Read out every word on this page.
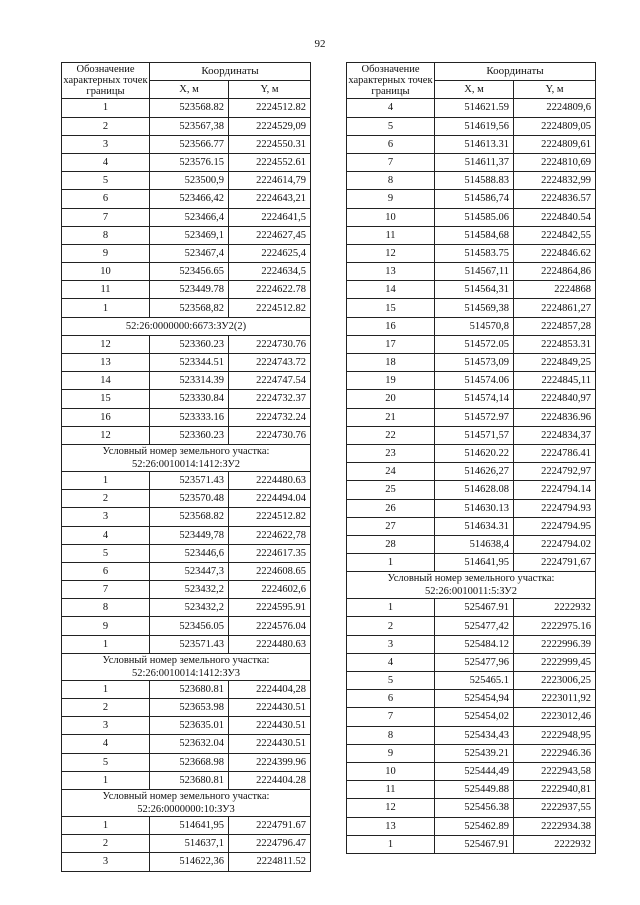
92
Обозначение характерных точек границы	Координаты	
	X, м	Y, м
1	523568.82	2224512.82
2	523567,38	2224529,09
3	523566.77	2224550.31
4	523576.15	2224552.61
5	523500,9	2224614,79
6	523466,42	2224643,21
7	523466,4	2224641,5
8	523469,1	2224627,45
9	523467,4	2224625,4
10	523456.65	2224634,5
11	523449.78	2224622.78
1	523568,82	2224512.82
52:26:0000000:6673:ЗУ2(2)		
12	523360.23	2224730.76
13	523344.51	2224743.72
14	523314.39	2224747.54
15	523330.84	2224732.37
16	523333.16	2224732.24
12	523360.23	2224730.76
Условный номер земельного участка: 52:26:0010014:1412:ЗУ2		
1	523571.43	2224480.63
2	523570.48	2224494.04
3	523568.82	2224512.82
4	523449,78	2224622,78
5	523446,6	2224617.35
6	523447,3	2224608.65
7	523432,2	2224602,6
8	523432,2	2224595.91
9	523456.05	2224576.04
1	523571.43	2224480.63
Условный номер земельного участка: 52:26:0010014:1412:ЗУ3		
1	523680.81	2224404,28
2	523653.98	2224430.51
3	523635.01	2224430.51
4	523632.04	2224430.51
5	523668.98	2224399.96
1	523680.81	2224404.28
Условный номер земельного участка: 52:26:0000000:10:ЗУ3		
1	514641,95	2224791.67
2	514637,1	2224796.47
3	514622,36	2224811.52
Обозначение характерных точек границы	Координаты	
	X, м	Y, м
4	514621.59	2224809,6
5	514619,56	2224809,05
6	514613.31	2224809,61
7	514611,37	2224810,69
8	514588.83	2224832,99
9	514586,74	2224836.57
10	514585.06	2224840.54
11	514584,68	2224842,55
12	514583.75	2224846.62
13	514567,11	2224864,86
14	514564,31	2224868
15	514569,38	2224861,27
16	514570,8	2224857,28
17	514572.05	2224853.31
18	514573,09	2224849,25
19	514574.06	2224845,11
20	514574,14	2224840,97
21	514572.97	2224836.96
22	514571,57	2224834,37
23	514620.22	2224786.41
24	514626,27	2224792,97
25	514628.08	2224794.14
26	514630.13	2224794.93
27	514634.31	2224794.95
28	514638,4	2224794.02
1	514641,95	2224791,67
Условный номер земельного участка: 52:26:0010011:5:ЗУ2		
1	525467.91	2222932
2	525477,42	2222975.16
3	525484.12	2222996.39
4	525477,96	2222999,45
5	525465.1	2223006,25
6	525454,94	2223011,92
7	525454,02	2223012,46
8	525434,43	2222948,95
9	525439.21	2222946.36
10	525444,49	2222943,58
11	525449.88	2222940,81
12	525456.38	2222937,55
13	525462.89	2222934.38
1	525467.91	2222932
